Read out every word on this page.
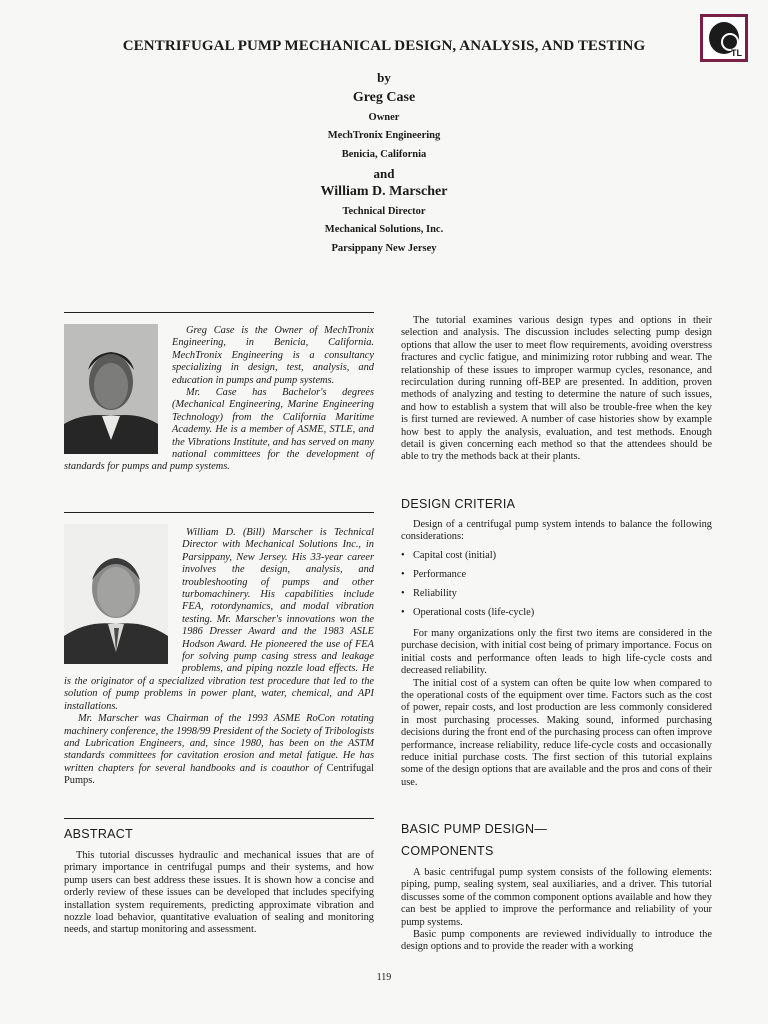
CENTRIFUGAL PUMP MECHANICAL DESIGN, ANALYSIS, AND TESTING	TL
by
Greg Case
Owner
MechTronix Engineering
Benicia, California
and
William D. Marscher
Technical Director
Mechanical Solutions, Inc.
Parsippany New Jersey

Greg Case is the Owner of MechTronix Engineering, in Benicia, California. MechTronix Engineering is a consultancy specializing in design, test, analysis, and education in pumps and pump systems.

Mr. Case has Bachelor's degrees (Mechanical Engineering, Marine Engineering Technology) from the California Maritime Academy. He is a member of ASME, STLE, and the Vibrations Institute, and has served on many national committees for the development of standards for pumps and pump systems.

William D. (Bill) Marscher is Technical Director with Mechanical Solutions Inc., in Parsippany, New Jersey. His 33-year career involves the design, analysis, and troubleshooting of pumps and other turbomachinery. His capabilities include FEA, rotordynamics, and modal vibration testing. Mr. Marscher's innovations won the 1986 Dresser Award and the 1983 ASLE Hodson Award. He pioneered the use of FEA for solving pump casing stress and leakage problems, and piping nozzle load effects. He is the originator of a specialized vibration test procedure that led to the solution of pump problems in power plant, water, chemical, and API installations.

Mr. Marscher was Chairman of the 1993 ASME RoCon rotating machinery conference, the 1998/99 President of the Society of Tribologists and Lubrication Engineers, and, since 1980, has been on the ASTM standards committees for cavitation erosion and metal fatigue. He has written chapters for several handbooks and is coauthor of Centrifugal Pumps.

ABSTRACT

This tutorial discusses hydraulic and mechanical issues that are of primary importance in centrifugal pumps and their systems, and how pump users can best address these issues. It is shown how a concise and orderly review of these issues can be developed that includes specifying installation system requirements, predicting approximate vibration and nozzle load behavior, quantitative evaluation of sealing and monitoring needs, and startup monitoring and assessment.

The tutorial examines various design types and options in their selection and analysis. The discussion includes selecting pump design options that allow the user to meet flow requirements, avoiding overstress fractures and cyclic fatigue, and minimizing rotor rubbing and wear. The relationship of these issues to improper warmup cycles, resonance, and recirculation during running off-BEP are presented. In addition, proven methods of analyzing and testing to determine the nature of such issues, and how to establish a system that will also be trouble-free when the key is first turned are reviewed. A number of case histories show by example how best to apply the analysis, evaluation, and test methods. Enough detail is given concerning each method so that the attendees should be able to try the methods back at their plants.

DESIGN CRITERIA

Design of a centrifugal pump system intends to balance the following considerations:

• Capital cost (initial)
• Performance
• Reliability
• Operational costs (life-cycle)

For many organizations only the first two items are considered in the purchase decision, with initial cost being of primary importance. Focus on initial costs and performance often leads to high life-cycle costs and decreased reliability.

The initial cost of a system can often be quite low when compared to the operational costs of the equipment over time. Factors such as the cost of power, repair costs, and lost production are less commonly considered in most purchasing processes. Making sound, informed purchasing decisions during the front end of the purchasing process can often improve performance, increase reliability, reduce life-cycle costs and occasionally reduce initial purchase costs. The first section of this tutorial explains some of the design options that are available and the pros and cons of their use.

BASIC PUMP DESIGN—
COMPONENTS

A basic centrifugal pump system consists of the following elements: piping, pump, sealing system, seal auxiliaries, and a driver. This tutorial discusses some of the common component options available and how they can best be applied to improve the performance and reliability of your pump systems.

Basic pump components are reviewed individually to introduce the design options and to provide the reader with a working

119
